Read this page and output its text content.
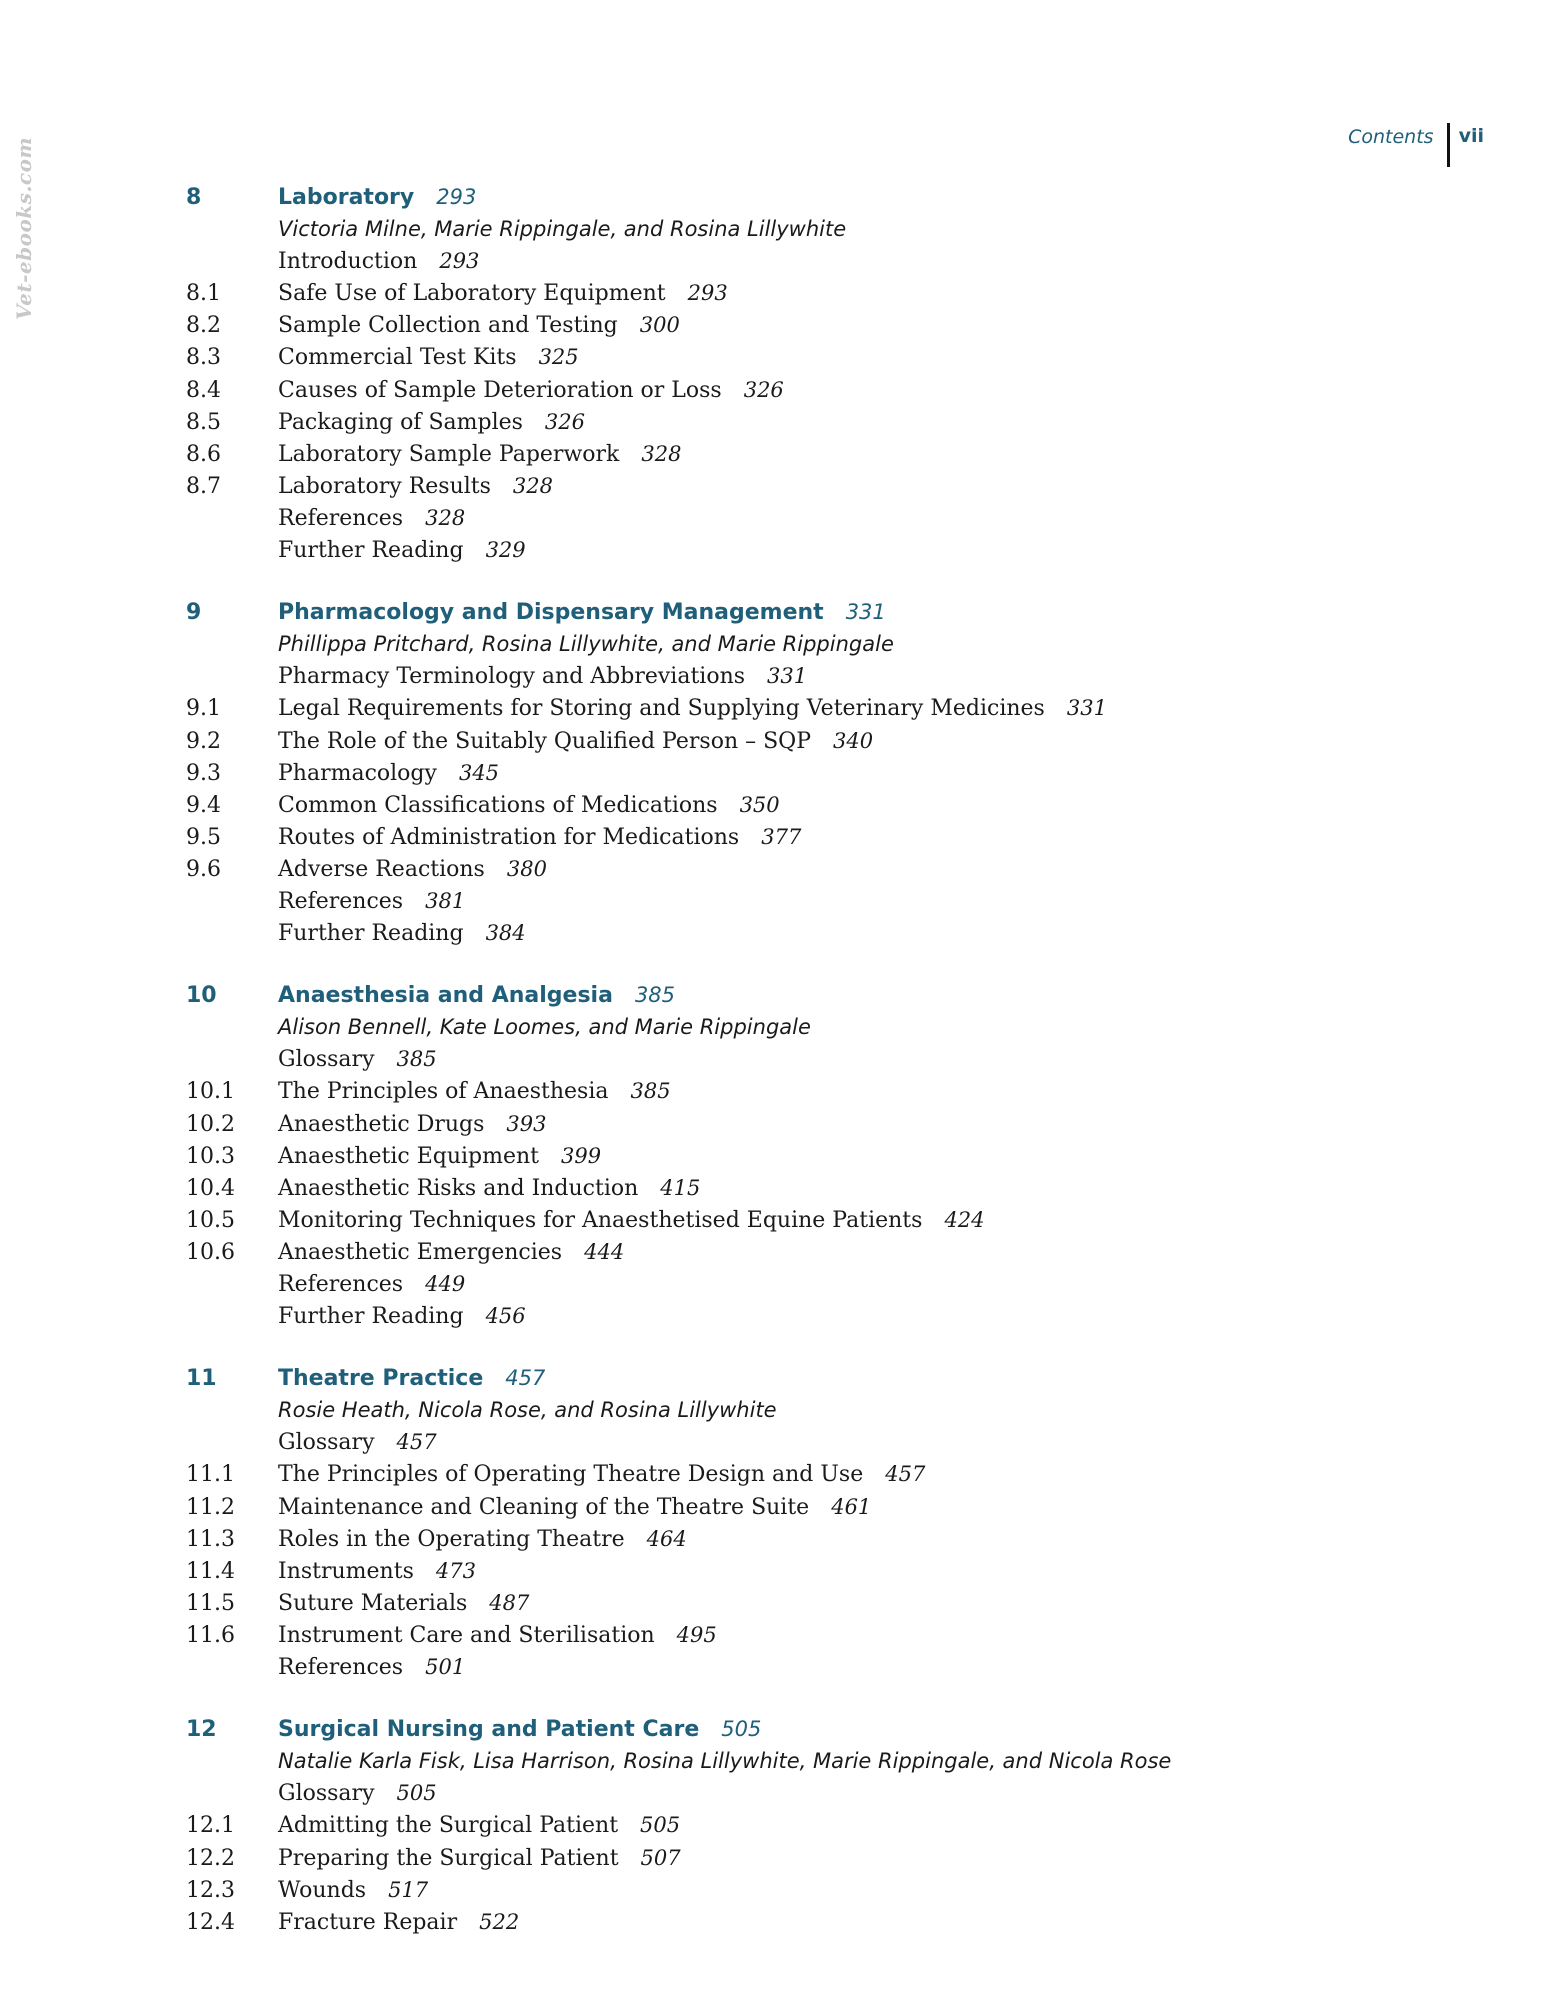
Contents vii
Vet-ebooks.com	8	Laboratory 293
Victoria Milne, Marie Rippingale, and Rosina Lillywhite
Introduction 293
8.1	Safe Use of Laboratory Equipment 293
8.2	Sample Collection and Testing 300
8.3	Commercial Test Kits 325
8.4	Causes of Sample Deterioration or Loss 326
8.5	Packaging of Samples 326
8.6	Laboratory Sample Paperwork 328
8.7	Laboratory Results 328
References 328
Further Reading 329
9	Pharmacology and Dispensary Management 331
Phillippa Pritchard, Rosina Lillywhite, and Marie Rippingale
Pharmacy Terminology and Abbreviations 331
9.1	Legal Requirements for Storing and Supplying Veterinary Medicines 331
9.2	The Role of the Suitably Qualified Person – SQP 340
9.3	Pharmacology 345
9.4	Common Classifications of Medications 350
9.5	Routes of Administration for Medications 377
9.6	Adverse Reactions 380
References 381
Further Reading 384
10	Anaesthesia and Analgesia 385
Alison Bennell, Kate Loomes, and Marie Rippingale
Glossary 385
10.1	The Principles of Anaesthesia 385
10.2	Anaesthetic Drugs 393
10.3	Anaesthetic Equipment 399
10.4	Anaesthetic Risks and Induction 415
10.5	Monitoring Techniques for Anaesthetised Equine Patients 424
10.6	Anaesthetic Emergencies 444
References 449
Further Reading 456
11	Theatre Practice 457
Rosie Heath, Nicola Rose, and Rosina Lillywhite
Glossary 457
11.1	The Principles of Operating Theatre Design and Use 457
11.2	Maintenance and Cleaning of the Theatre Suite 461
11.3	Roles in the Operating Theatre 464
11.4	Instruments 473
11.5	Suture Materials 487
11.6	Instrument Care and Sterilisation 495
References 501
12	Surgical Nursing and Patient Care 505
Natalie Karla Fisk, Lisa Harrison, Rosina Lillywhite, Marie Rippingale, and Nicola Rose
Glossary 505
12.1	Admitting the Surgical Patient 505
12.2	Preparing the Surgical Patient 507
12.3	Wounds 517
12.4	Fracture Repair 522
